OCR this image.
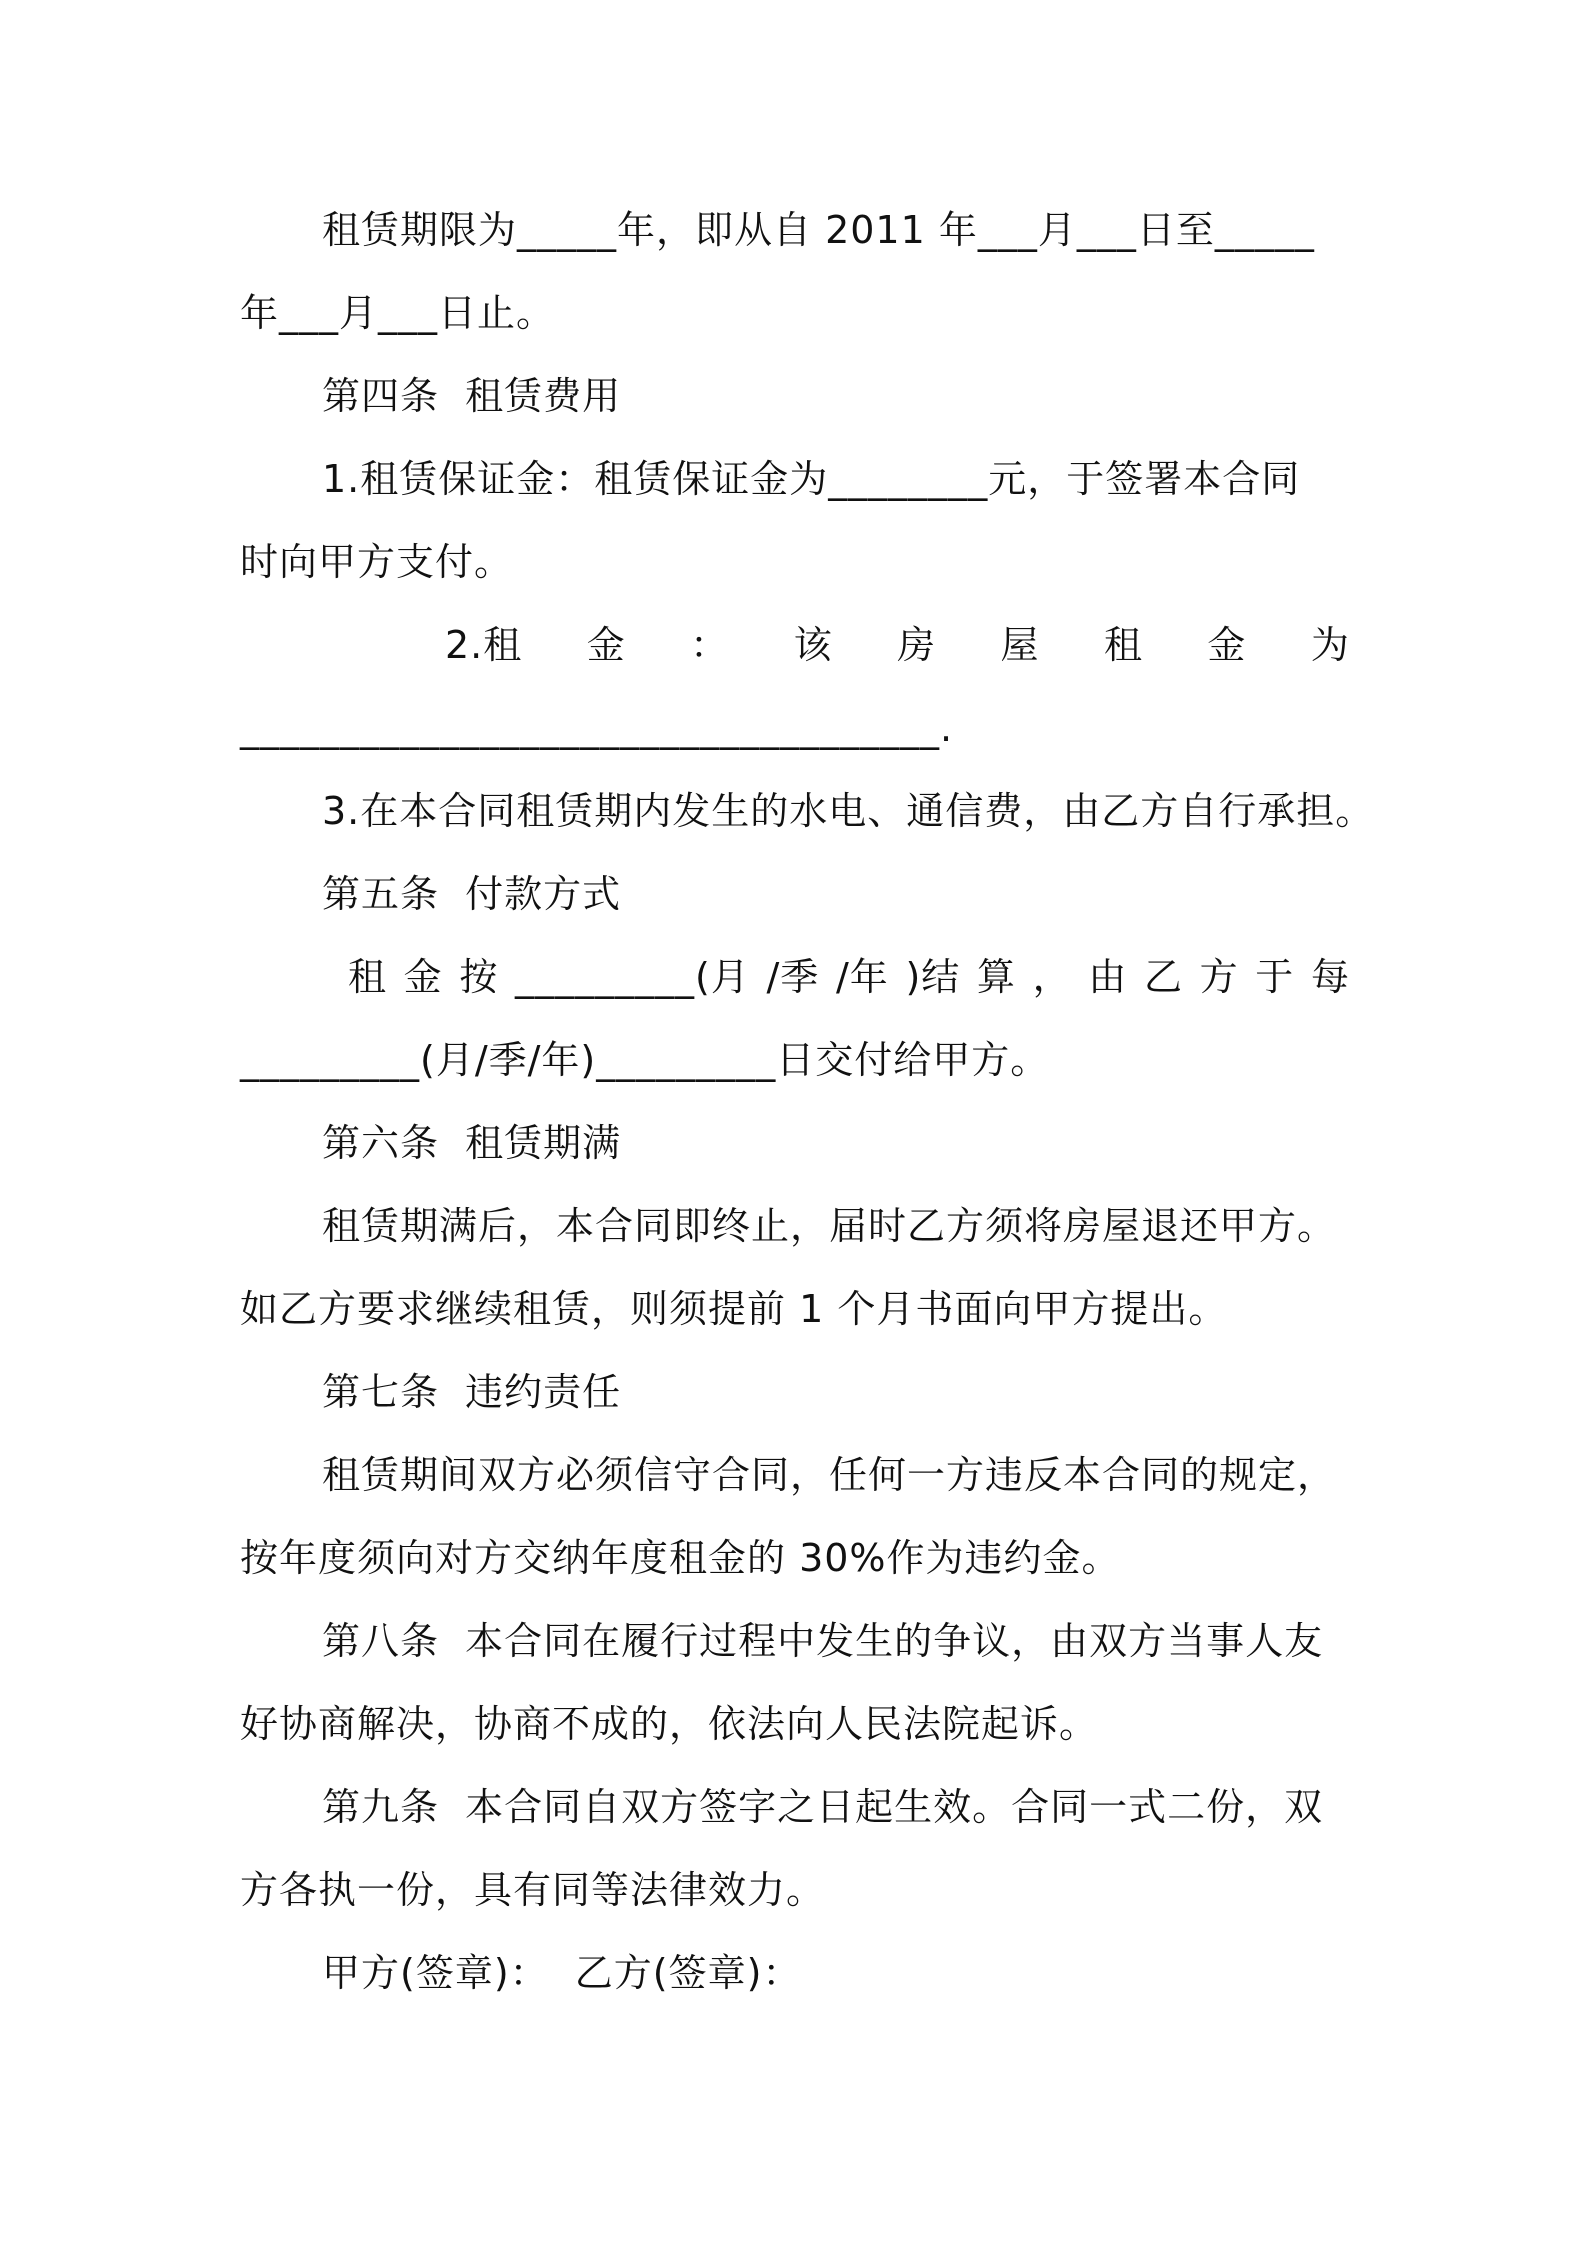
租赁期限为_____年，即从自 2011 年___月___日至_____
年___月___日止。
第四条  租赁费用
1.租赁保证金：租赁保证金为________元，于签署本合同
时向甲方支付。
2.租 金 ： 该 房 屋 租 金 为
___________________________________.
3.在本合同租赁期内发生的水电、通信费，由乙方自行承担。
第五条  付款方式
租 金 按 _________(月 /季 /年 )结 算 ， 由 乙 方 于 每
_________(月/季/年)_________日交付给甲方。
第六条  租赁期满
租赁期满后，本合同即终止，届时乙方须将房屋退还甲方。
如乙方要求继续租赁，则须提前 1 个月书面向甲方提出。
第七条  违约责任
租赁期间双方必须信守合同，任何一方违反本合同的规定，
按年度须向对方交纳年度租金的 30%作为违约金。
第八条  本合同在履行过程中发生的争议，由双方当事人友
好协商解决，协商不成的，依法向人民法院起诉。
第九条  本合同自双方签字之日起生效。合同一式二份，双
方各执一份，具有同等法律效力。
甲方(签章)：  乙方(签章)：
